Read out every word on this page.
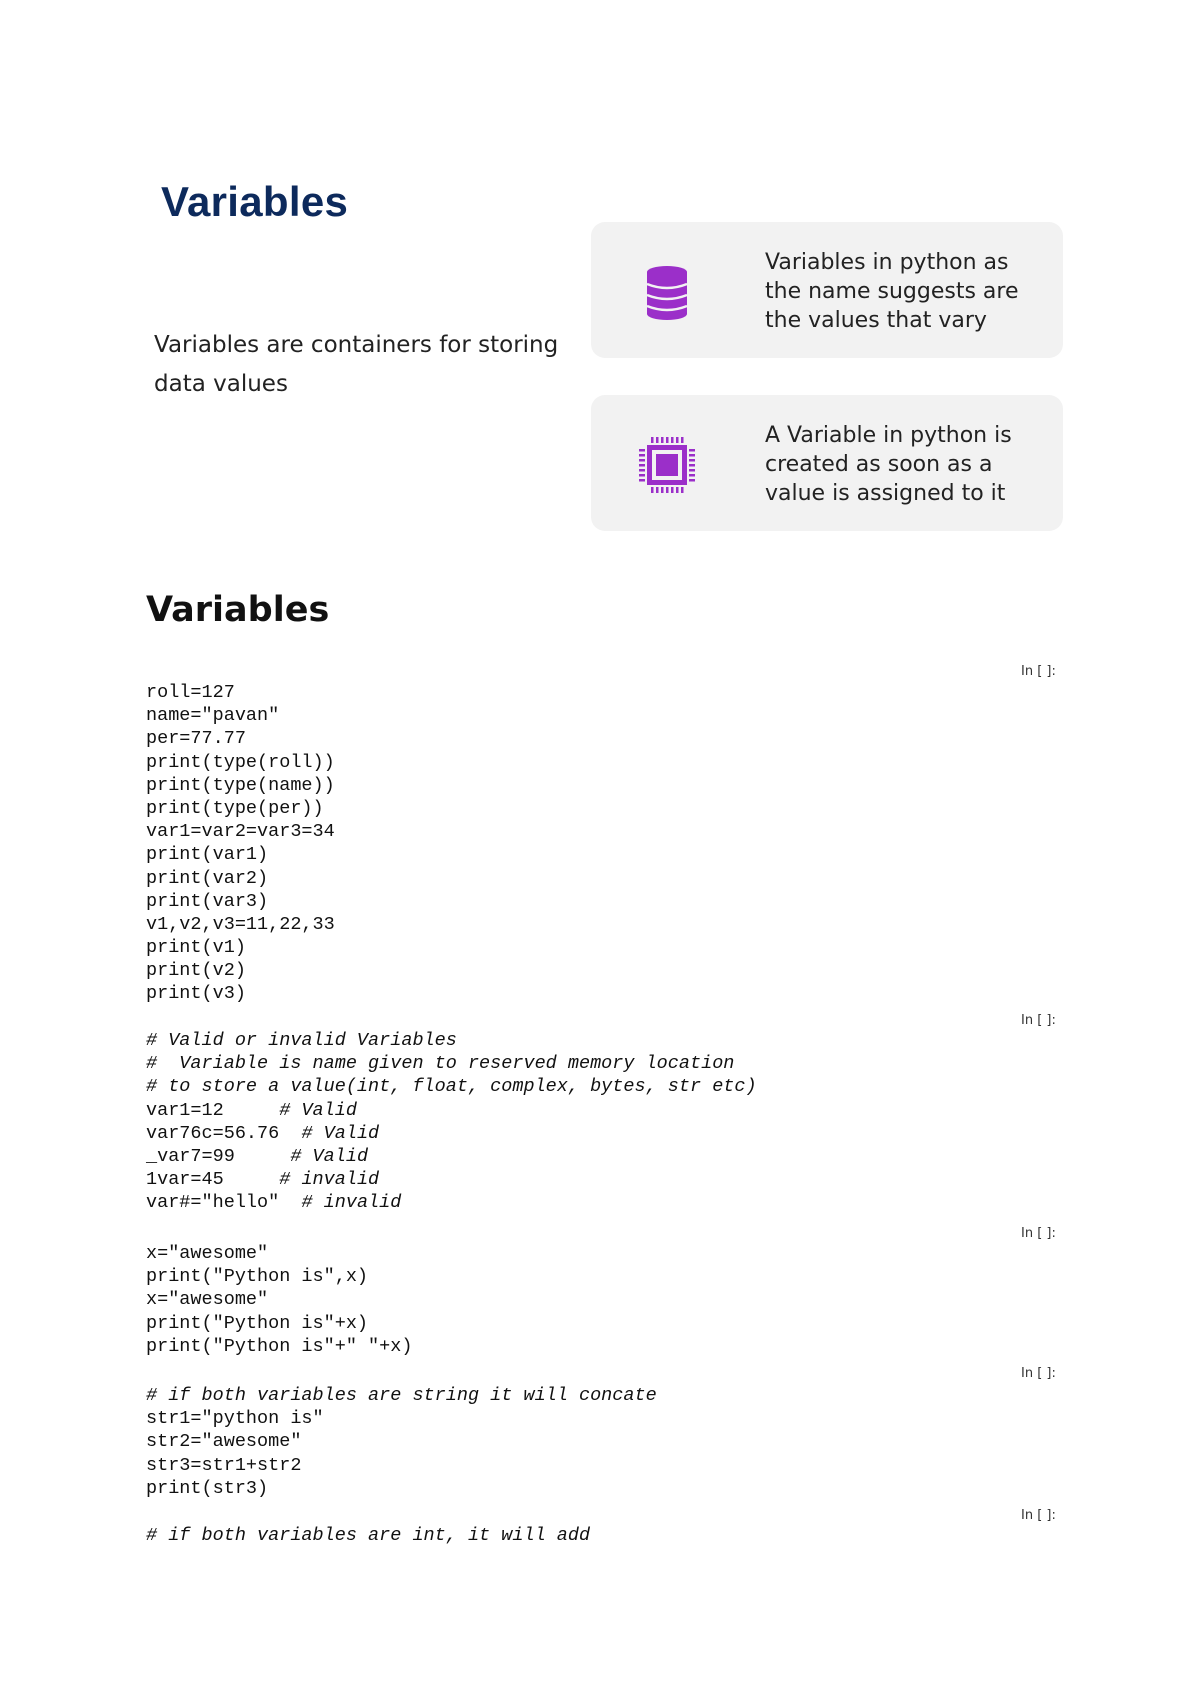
Variables
Variables are containers for storing data values
Variables in python as the name suggests are the values that vary
A Variable in python is created as soon as a value is assigned to it
Variables
In [ ]:
roll=127
name="pavan"
per=77.77
print(type(roll))
print(type(name))
print(type(per))
var1=var2=var3=34
print(var1)
print(var2)
print(var3)
v1,v2,v3=11,22,33
print(v1)
print(v2)
print(v3)
In [ ]:
# Valid or invalid Variables
#  Variable is name given to reserved memory location
# to store a value(int, float, complex, bytes, str etc)
var1=12     # Valid
var76c=56.76  # Valid
_var7=99     # Valid
1var=45     # invalid
var#="hello"  # invalid
In [ ]:
x="awesome"
print("Python is",x)
x="awesome"
print("Python is"+x)
print("Python is"+" "+x)
In [ ]:
# if both variables are string it will concate
str1="python is"
str2="awesome"
str3=str1+str2
print(str3)
In [ ]:
# if both variables are int, it will add
